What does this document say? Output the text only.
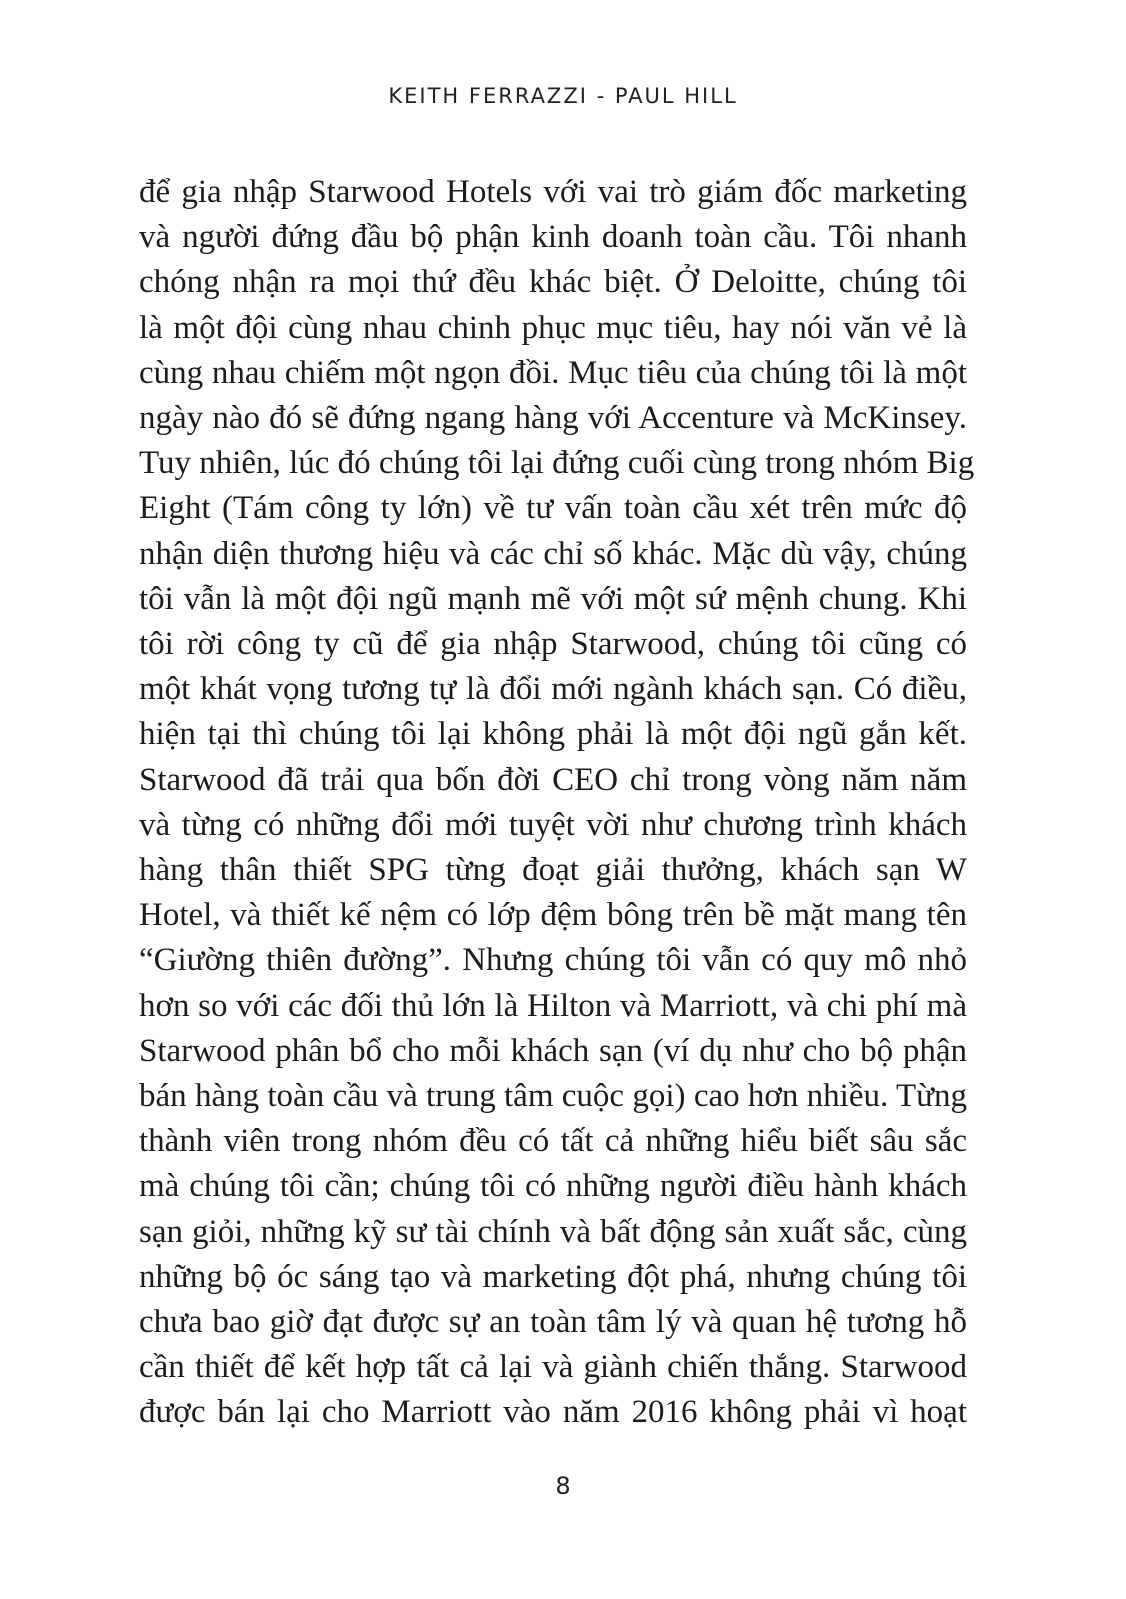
KEITH FERRAZZI - PAUL HILL
để gia nhập Starwood Hotels với vai trò giám đốc marketing
và người đứng đầu bộ phận kinh doanh toàn cầu. Tôi nhanh
chóng nhận ra mọi thứ đều khác biệt. Ở Deloitte, chúng tôi
là một đội cùng nhau chinh phục mục tiêu, hay nói văn vẻ là
cùng nhau chiếm một ngọn đồi. Mục tiêu của chúng tôi là một
ngày nào đó sẽ đứng ngang hàng với Accenture và McKinsey.
Tuy nhiên, lúc đó chúng tôi lại đứng cuối cùng trong nhóm Big
Eight (Tám công ty lớn) về tư vấn toàn cầu xét trên mức độ
nhận diện thương hiệu và các chỉ số khác. Mặc dù vậy, chúng
tôi vẫn là một đội ngũ mạnh mẽ với một sứ mệnh chung. Khi
tôi rời công ty cũ để gia nhập Starwood, chúng tôi cũng có
một khát vọng tương tự là đổi mới ngành khách sạn. Có điều,
hiện tại thì chúng tôi lại không phải là một đội ngũ gắn kết.
Starwood đã trải qua bốn đời CEO chỉ trong vòng năm năm
và từng có những đổi mới tuyệt vời như chương trình khách
hàng thân thiết SPG từng đoạt giải thưởng, khách sạn W
Hotel, và thiết kế nệm có lớp đệm bông trên bề mặt mang tên
“Giường thiên đường”. Nhưng chúng tôi vẫn có quy mô nhỏ
hơn so với các đối thủ lớn là Hilton và Marriott, và chi phí mà
Starwood phân bổ cho mỗi khách sạn (ví dụ như cho bộ phận
bán hàng toàn cầu và trung tâm cuộc gọi) cao hơn nhiều. Từng
thành viên trong nhóm đều có tất cả những hiểu biết sâu sắc
mà chúng tôi cần; chúng tôi có những người điều hành khách
sạn giỏi, những kỹ sư tài chính và bất động sản xuất sắc, cùng
những bộ óc sáng tạo và marketing đột phá, nhưng chúng tôi
chưa bao giờ đạt được sự an toàn tâm lý và quan hệ tương hỗ
cần thiết để kết hợp tất cả lại và giành chiến thắng. Starwood
được bán lại cho Marriott vào năm 2016 không phải vì hoạt
8
